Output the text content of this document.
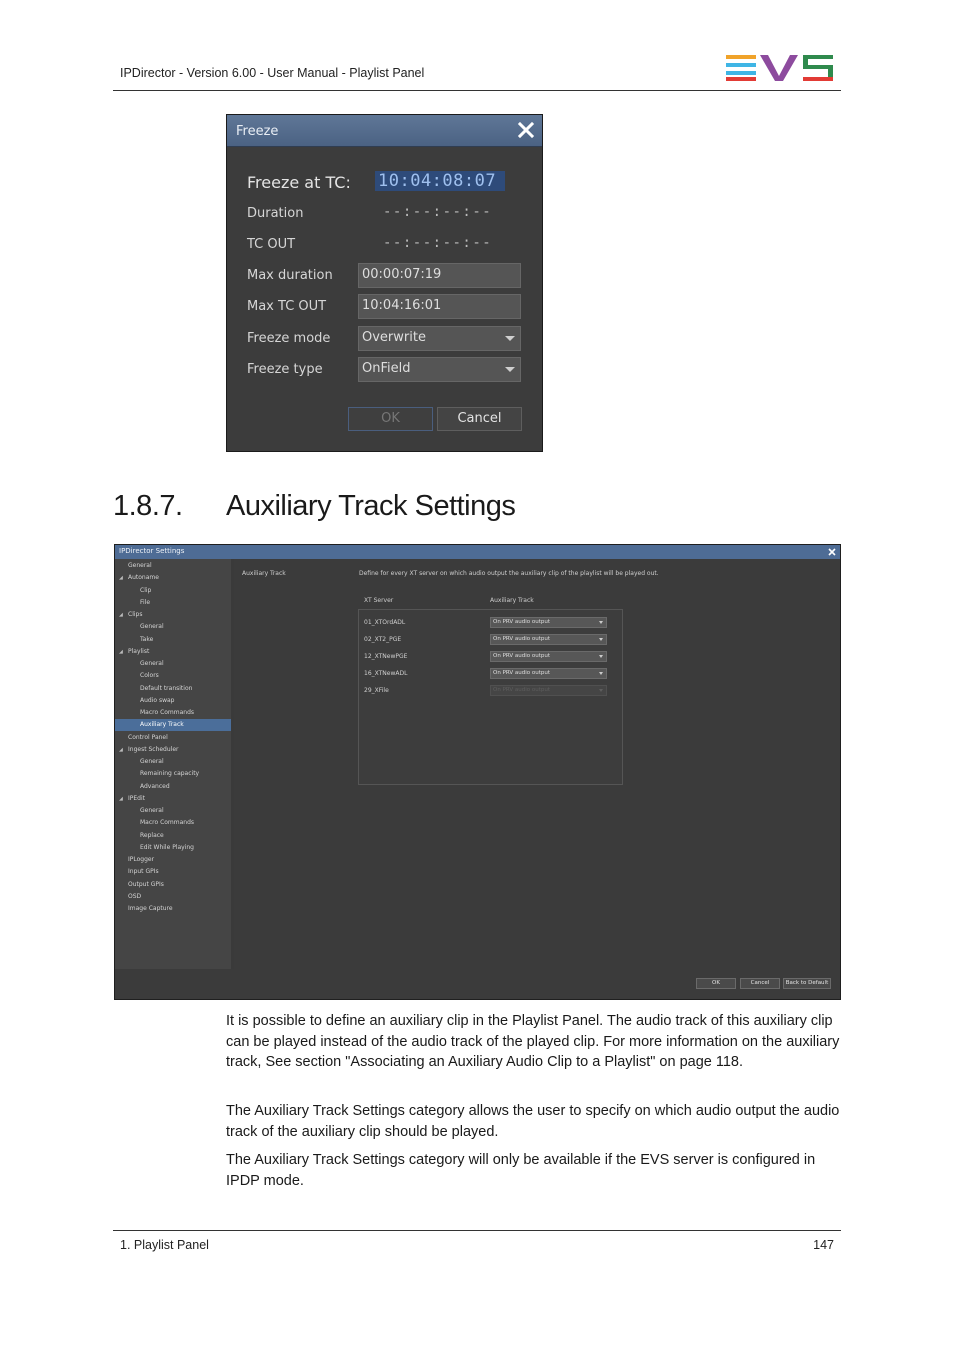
IPDirector - Version 6.00 - User Manual - Playlist Panel
Freeze
Freeze at TC: 10:04:08:07
Duration	--:--:--:--
TC OUT	--:--:--:--
Max duration	00:00:07:19
Max TC OUT	10:04:16:01
Freeze mode	Overwrite
Freeze type	OnField
OK	Cancel
1.8.7. Auxiliary Track Settings
IPDirector Settings
General
◢ Autoname
Clip
File
◢ Clips
General
Take
◢ Playlist
General
Colors
Default transition
Audio swap
Macro Commands
Auxiliary Track
Control Panel
◢ Ingest Scheduler
General
Remaining capacity
Advanced
◢ IPEdit
General
Macro Commands
Replace
Edit While Playing
IPLogger
Input GPIs
Output GPIs
OSD
Image Capture
Auxiliary Track	Define for every XT server on which audio output the auxiliary clip of the playlist will be played out.
XT Server	Auxiliary Track
01_XTOrdADL	On PRV audio output
02_XT2_PGE	On PRV audio output
12_XTNewPGE	On PRV audio output
16_XTNewADL	On PRV audio output
29_XFile	On PRV audio output
OK	Cancel	Back to Default

It is possible to define an auxiliary clip in the Playlist Panel. The audio track of this auxiliary clip can be played instead of the audio track of the played clip. For more information on the auxiliary track, See section "Associating an Auxiliary Audio Clip to a Playlist" on page 118.

The Auxiliary Track Settings category allows the user to specify on which audio output the audio track of the auxiliary clip should be played.

The Auxiliary Track Settings category will only be available if the EVS server is configured in IPDP mode.

1. Playlist Panel	147
